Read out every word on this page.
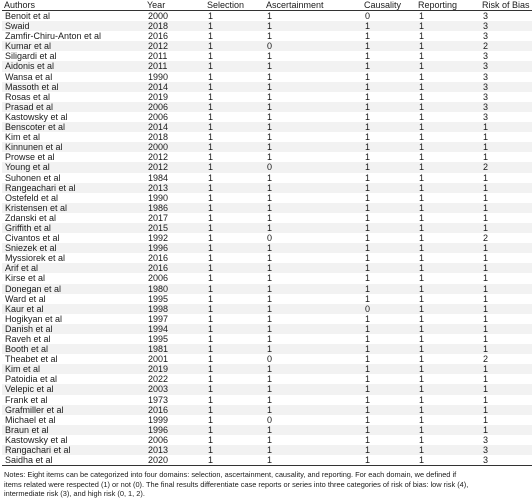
Authors	Year	Selection	Ascertainment	Causality	Reporting	Risk of Bias
Benoit et al	2000	1	1	0	1	3
Swaid	2018	1	1	1	1	3
Zamfir-Chiru-Anton et al	2016	1	1	1	1	3
Kumar et al	2012	1	0	1	1	2
Siligardi et al	2011	1	1	1	1	3
Aidonis et al	2011	1	1	1	1	3
Wansa et al	1990	1	1	1	1	3
Massoth et al	2014	1	1	1	1	3
Rosas et al	2019	1	1	1	1	3
Prasad et al	2006	1	1	1	1	3
Kastowsky et al	2006	1	1	1	1	3
Benscoter et al	2014	1	1	1	1	1
Kim et al	2018	1	1	1	1	1
Kinnunen et al	2000	1	1	1	1	1
Prowse et al	2012	1	1	1	1	1
Young et al	2012	1	0	1	1	2
Suhonen et al	1984	1	1	1	1	1
Rangeachari et al	2013	1	1	1	1	1
Ostefeld et al	1990	1	1	1	1	1
Kristensen et al	1986	1	1	1	1	1
Zdanski et al	2017	1	1	1	1	1
Griffith et al	2015	1	1	1	1	1
Civantos et al	1992	1	0	1	1	2
Sniezek et al	1996	1	1	1	1	1
Myssiorek et al	2016	1	1	1	1	1
Arif et al	2016	1	1	1	1	1
Kirse et al	2006	1	1	1	1	1
Donegan et al	1980	1	1	1	1	1
Ward et al	1995	1	1	1	1	1
Kaur et al	1998	1	1	0	1	1
Hogikyan et al	1997	1	1	1	1	1
Danish et al	1994	1	1	1	1	1
Raveh et al	1995	1	1	1	1	1
Booth et al	1981	1	1	1	1	1
Theabet et al	2001	1	0	1	1	2
Kim et al	2019	1	1	1	1	1
Patoidia et al	2022	1	1	1	1	1
Velepic et al	2003	1	1	1	1	1
Frank et al	1973	1	1	1	1	1
Grafmiller et al	2016	1	1	1	1	1
Michael et al	1999	1	0	1	1	1
Braun et al	1996	1	1	1	1	1
Kastowsky et al	2006	1	1	1	1	3
Rangachari et al	2013	1	1	1	1	3
Saidha et al	2020	1	1	1	1	3
Notes: Eight items can be categorized into four domains: selection, ascertainment, causality, and reporting. For each domain, we defined if items related were respected (1) or not (0). The final results differentiate case reports or series into three categories of risk of bias: low risk (4), intermediate risk (3), and high risk (0, 1, 2).
